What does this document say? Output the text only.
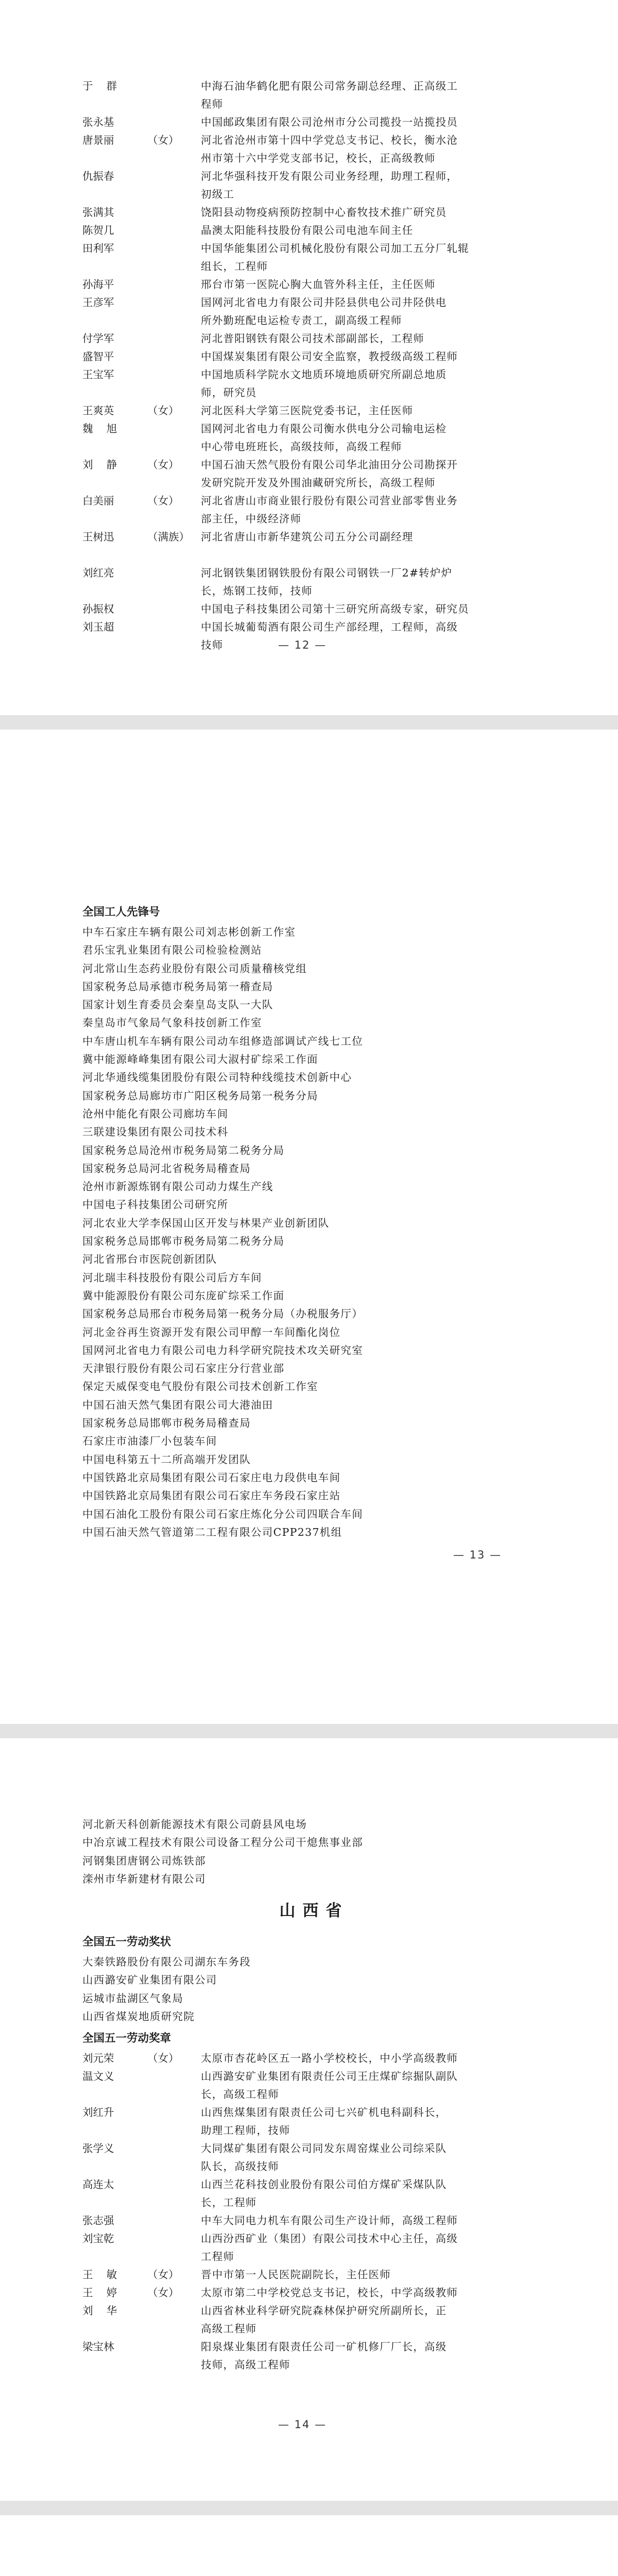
于    群	中海石油华鹤化肥有限公司常务副总经理、正高级工
程师
张永基	中国邮政集团有限公司沧州市分公司揽投一站揽投员
唐景丽	（女）	河北省沧州市第十四中学党总支书记、校长，衡水沧
州市第十六中学党支部书记，校长，正高级教师
仇振春	河北华强科技开发有限公司业务经理，助理工程师，
初级工
张满其	饶阳县动物疫病预防控制中心畜牧技术推广研究员
陈贺几	晶澳太阳能科技股份有限公司电池车间主任
田利军	中国华能集团公司机械化股份有限公司加工五分厂轧辊
组长，工程师
孙海平	邢台市第一医院心胸大血管外科主任，主任医师
王彦军	国网河北省电力有限公司井陉县供电公司井陉供电
所外勤班配电运检专责工，副高级工程师
付学军	河北普阳钢铁有限公司技术部副部长，工程师
盛智平	中国煤炭集团有限公司安全监察，教授级高级工程师
王宝军	中国地质科学院水文地质环境地质研究所副总地质
师，研究员
王爽英	（女）	河北医科大学第三医院党委书记，主任医师
魏    旭	国网河北省电力有限公司衡水供电分公司输电运检
中心带电班班长，高级技师，高级工程师
刘    静	（女）	中国石油天然气股份有限公司华北油田分公司勘探开
发研究院开发及外围油藏研究所长，高级工程师
白美丽	（女）	河北省唐山市商业银行股份有限公司营业部零售业务
部主任，中级经济师
王树迅	（满族）	河北省唐山市新华建筑公司五分公司副经理
刘红亮	河北钢铁集团钢铁股份有限公司钢铁一厂2#转炉炉
长，炼钢工技师，技师
孙振权	中国电子科技集团公司第十三研究所高级专家，研究员
刘玉超	中国长城葡萄酒有限公司生产部经理，工程师，高级
技师	— 12 —
全国工人先锋号
中车石家庄车辆有限公司刘志彬创新工作室
君乐宝乳业集团有限公司检验检测站
河北常山生态药业股份有限公司质量稽核党组
国家税务总局承德市税务局第一稽查局
国家计划生育委员会秦皇岛支队一大队
秦皇岛市气象局气象科技创新工作室
中车唐山机车车辆有限公司动车组修造部调试产线七工位
冀中能源峰峰集团有限公司大淑村矿综采工作面
河北华通线缆集团股份有限公司特种线缆技术创新中心
国家税务总局廊坊市广阳区税务局第一税务分局
沧州中能化有限公司廊坊车间
三联建设集团有限公司技术科
国家税务总局沧州市税务局第二税务分局
国家税务总局河北省税务局稽查局
沧州市新源炼钢有限公司动力煤生产线
中国电子科技集团公司研究所
河北农业大学李保国山区开发与林果产业创新团队
国家税务总局邯郸市税务局第二税务分局
河北省邢台市医院创新团队
河北瑞丰科技股份有限公司后方车间
冀中能源股份有限公司东庞矿综采工作面
国家税务总局邢台市税务局第一税务分局（办税服务厅）
河北金谷再生资源开发有限公司甲醇一车间酯化岗位
国网河北省电力有限公司电力科学研究院技术攻关研究室
天津银行股份有限公司石家庄分行营业部
保定天威保变电气股份有限公司技术创新工作室
中国石油天然气集团有限公司大港油田
国家税务总局邯郸市税务局稽查局
石家庄市油漆厂小包装车间
中国电科第五十二所高端开发团队
中国铁路北京局集团有限公司石家庄电力段供电车间
中国铁路北京局集团有限公司石家庄车务段石家庄站
中国石油化工股份有限公司石家庄炼化分公司四联合车间
中国石油天然气管道第二工程有限公司CPP237机组
— 13 —
河北新天科创新能源技术有限公司蔚县风电场
中冶京诚工程技术有限公司设备工程分公司干熄焦事业部
河钢集团唐钢公司炼铁部
滦州市华新建材有限公司
山西省
全国五一劳动奖状
大秦铁路股份有限公司湖东车务段
山西潞安矿业集团有限公司
运城市盐湖区气象局
山西省煤炭地质研究院
全国五一劳动奖章
刘元荣	（女）	太原市杏花岭区五一路小学校校长，中小学高级教师
温文义	山西潞安矿业集团有限责任公司王庄煤矿综掘队副队
长，高级工程师
刘红升	山西焦煤集团有限责任公司七兴矿机电科副科长，
助理工程师，技师
张学义	大同煤矿集团有限公司同发东周窑煤业公司综采队
队长，高级技师
高连太	山西兰花科技创业股份有限公司伯方煤矿采煤队队
长，工程师
张志强	中车大同电力机车有限公司生产设计师，高级工程师
刘宝乾	山西汾西矿业（集团）有限公司技术中心主任，高级
工程师
王    敏	（女）	晋中市第一人民医院副院长，主任医师
王    婷	（女）	太原市第二中学校党总支书记，校长，中学高级教师
刘    华	山西省林业科学研究院森林保护研究所副所长，正
高级工程师
梁宝林	阳泉煤业集团有限责任公司一矿机修厂厂长，高级
技师，高级工程师
— 14 —
